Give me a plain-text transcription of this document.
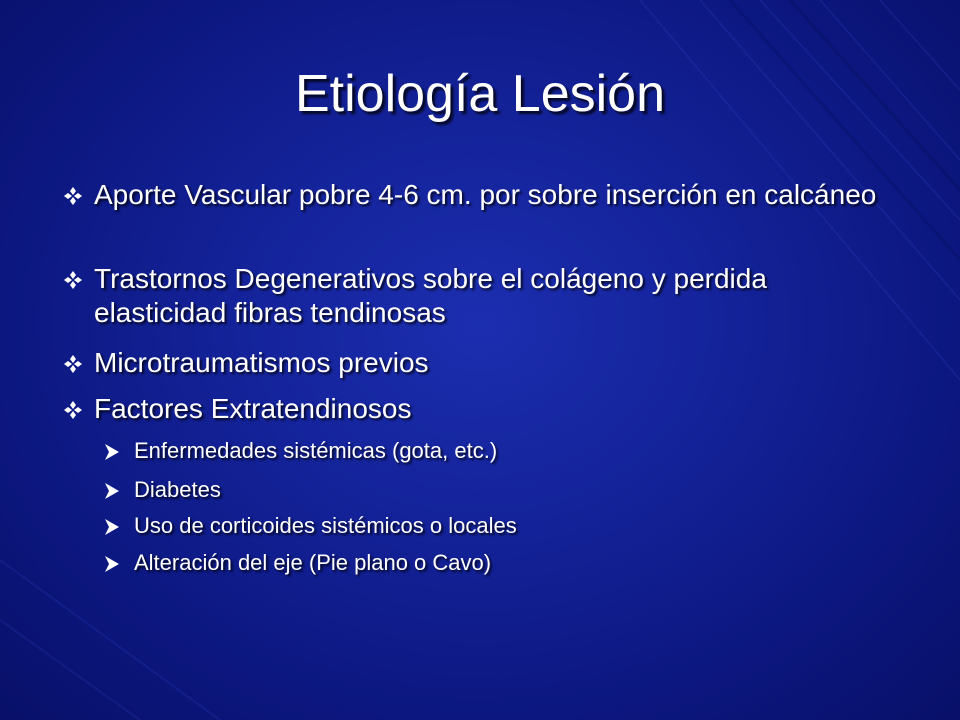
Etiología Lesión
Aporte Vascular pobre 4-6 cm. por sobre inserción en calcáneo
Trastornos Degenerativos sobre el colágeno y perdida elasticidad fibras tendinosas
Microtraumatismos previos
Factores Extratendinosos
Enfermedades sistémicas (gota, etc.)
Diabetes
Uso de corticoides sistémicos o locales
Alteración del eje (Pie plano o Cavo)
